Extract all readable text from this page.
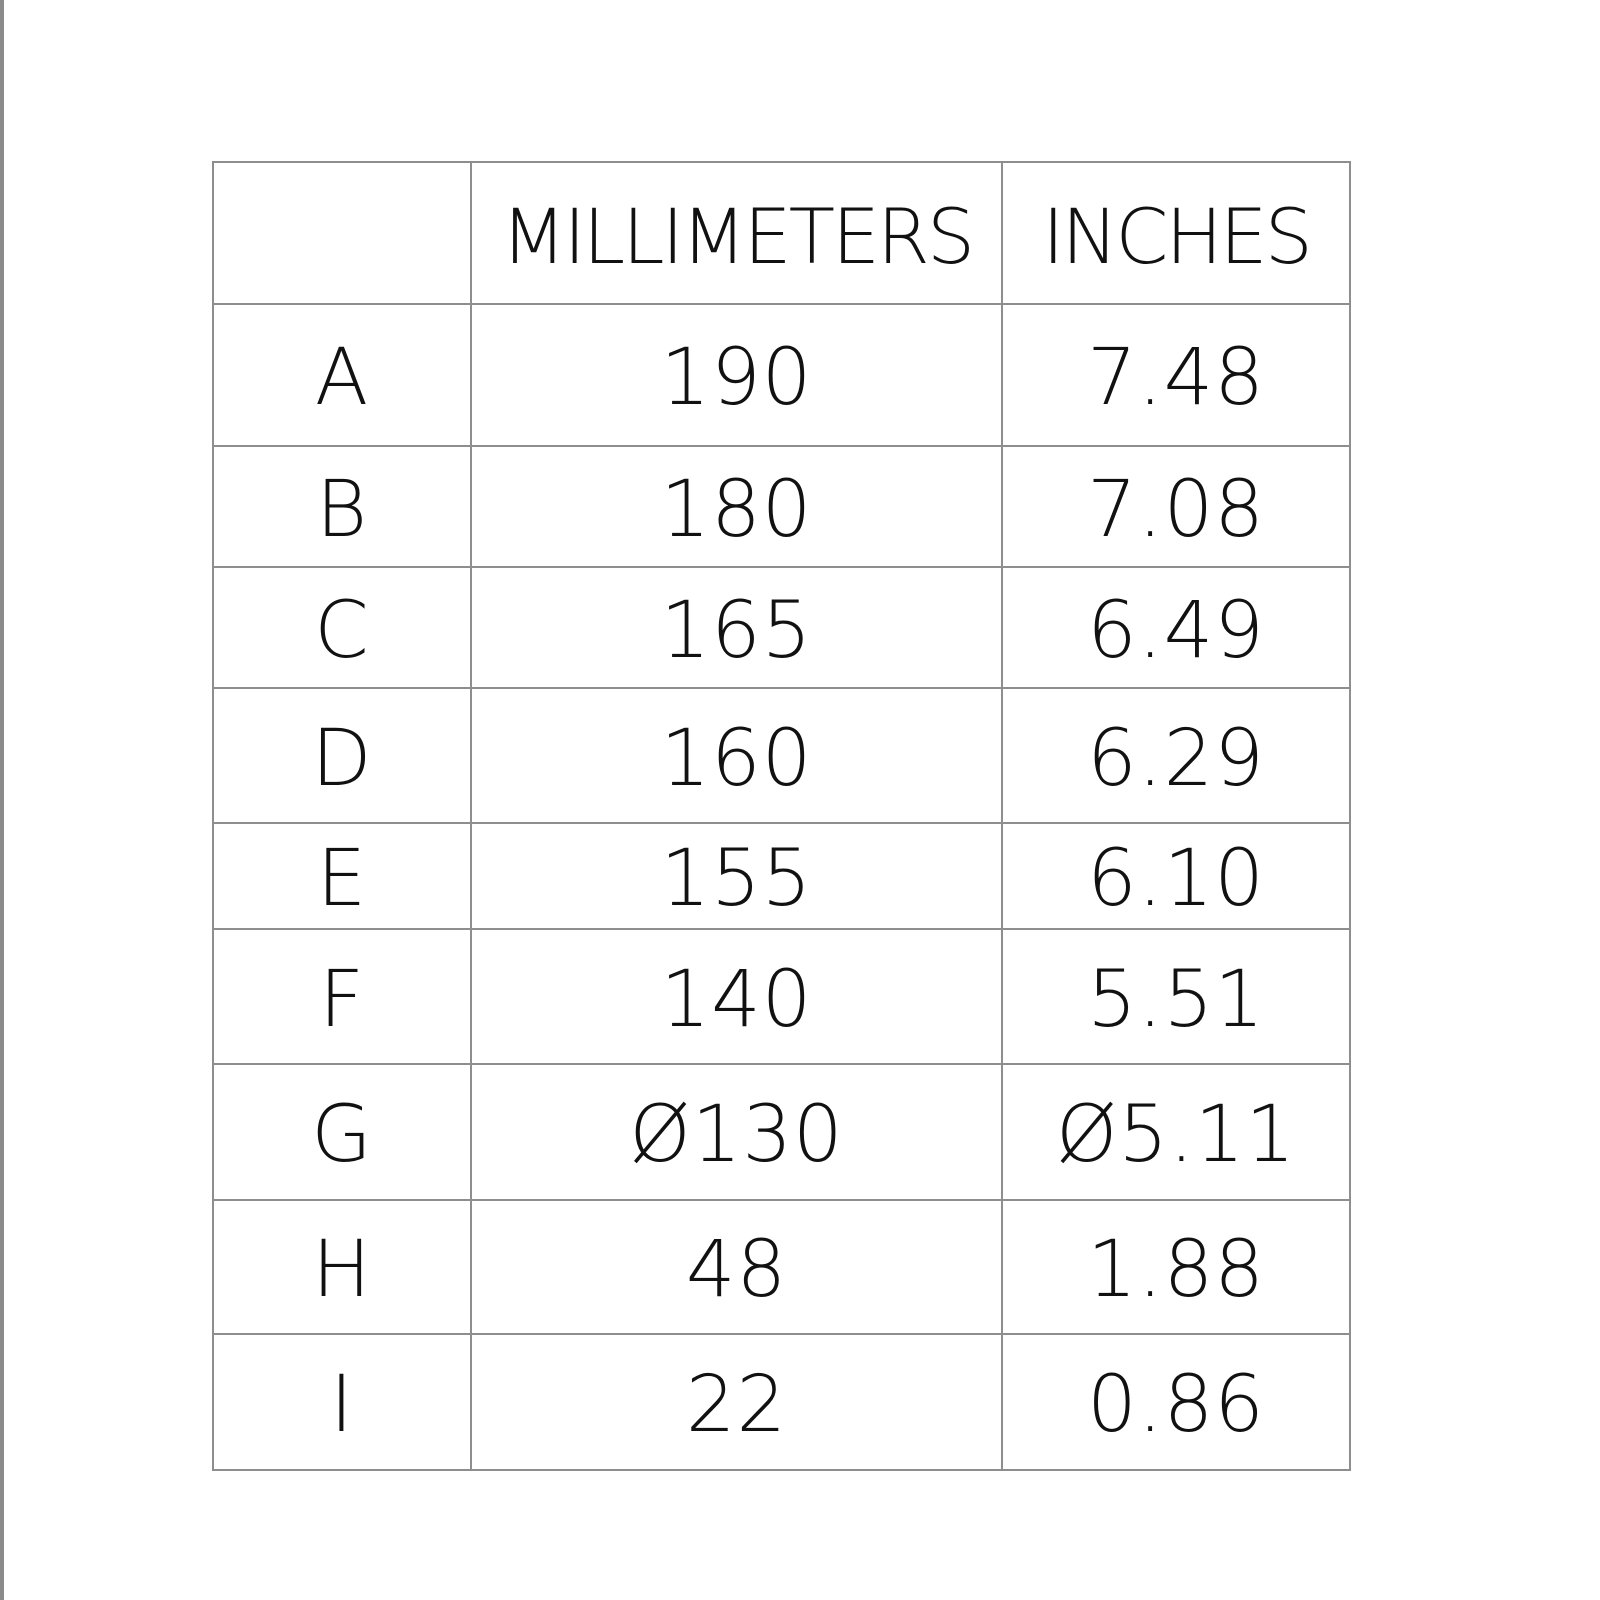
	MILLIMETERS	INCHES
A	190	7.48
B	180	7.08
C	165	6.49
D	160	6.29
E	155	6.10
F	140	5.51
G	Ø130	Ø5.11
H	48	1.88
I	22	0.86
